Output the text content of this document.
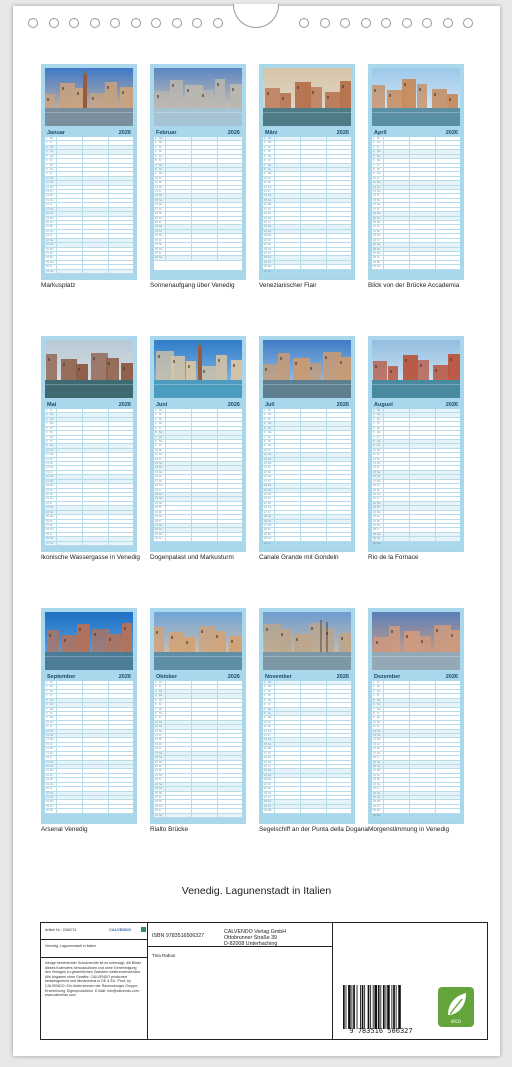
Januar	2026
1 Do
2 Fr
3 Sa
4 So
5 Mo
6 Di
7 Mi
8 Do
9 Fr
10 Sa
11 So
12 Mo
13 Di
14 Mi
15 Do
16 Fr
17 Sa
18 So
19 Mo
20 Di
21 Mi
22 Do
23 Fr
24 Sa
25 So
26 Mo
27 Di
28 Mi
29 Do
30 Fr
31 Sa
Markusplatz
Februar	2026
1 So
2 Mo
3 Di
4 Mi
5 Do
6 Fr
7 Sa
8 So
9 Mo
10 Di
11 Mi
12 Do
13 Fr
14 Sa
15 So
16 Mo
17 Di
18 Mi
19 Do
20 Fr
21 Sa
22 So
23 Mo
24 Di
25 Mi
26 Do
27 Fr
28 Sa
Sonnenaufgang über Venedig
März	2026
1 So
2 Mo
3 Di
4 Mi
5 Do
6 Fr
7 Sa
8 So
9 Mo
10 Di
11 Mi
12 Do
13 Fr
14 Sa
15 So
16 Mo
17 Di
18 Mi
19 Do
20 Fr
21 Sa
22 So
23 Mo
24 Di
25 Mi
26 Do
27 Fr
28 Sa
29 So
30 Mo
31 Di
Venezianischer Flair
April	2026
1 Mi
2 Do
3 Fr
4 Sa
5 So
6 Mo
7 Di
8 Mi
9 Do
10 Fr
11 Sa
12 So
13 Mo
14 Di
15 Mi
16 Do
17 Fr
18 Sa
19 So
20 Mo
21 Di
22 Mi
23 Do
24 Fr
25 Sa
26 So
27 Mo
28 Di
29 Mi
30 Do
Blick von der Brücke Accademia
Mai	2026
1 Fr
2 Sa
3 So
4 Mo
5 Di
6 Mi
7 Do
8 Fr
9 Sa
10 So
11 Mo
12 Di
13 Mi
14 Do
15 Fr
16 Sa
17 So
18 Mo
19 Di
20 Mi
21 Do
22 Fr
23 Sa
24 So
25 Mo
26 Di
27 Mi
28 Do
29 Fr
30 Sa
31 So
Ikonische Wassergasse in Venedig
Juni	2026
1 Mo
2 Di
3 Mi
4 Do
5 Fr
6 Sa
7 So
8 Mo
9 Di
10 Mi
11 Do
12 Fr
13 Sa
14 So
15 Mo
16 Di
17 Mi
18 Do
19 Fr
20 Sa
21 So
22 Mo
23 Di
24 Mi
25 Do
26 Fr
27 Sa
28 So
29 Mo
30 Di
Dogenpalast und Markusturm
Juli	2026
1 Mi
2 Do
3 Fr
4 Sa
5 So
6 Mo
7 Di
8 Mi
9 Do
10 Fr
11 Sa
12 So
13 Mo
14 Di
15 Mi
16 Do
17 Fr
18 Sa
19 So
20 Mo
21 Di
22 Mi
23 Do
24 Fr
25 Sa
26 So
27 Mo
28 Di
29 Mi
30 Do
31 Fr
Canale Grande mit Gondeln
August	2026
1 Sa
2 So
3 Mo
4 Di
5 Mi
6 Do
7 Fr
8 Sa
9 So
10 Mo
11 Di
12 Mi
13 Do
14 Fr
15 Sa
16 So
17 Mo
18 Di
19 Mi
20 Do
21 Fr
22 Sa
23 So
24 Mo
25 Di
26 Mi
27 Do
28 Fr
29 Sa
30 So
31 Mo
Rio de la Fornace
September	2026
1 Di
2 Mi
3 Do
4 Fr
5 Sa
6 So
7 Mo
8 Di
9 Mi
10 Do
11 Fr
12 Sa
13 So
14 Mo
15 Di
16 Mi
17 Do
18 Fr
19 Sa
20 So
21 Mo
22 Di
23 Mi
24 Do
25 Fr
26 Sa
27 So
28 Mo
29 Di
30 Mi
Arsenal Venedig
Oktober	2026
1 Do
2 Fr
3 Sa
4 So
5 Mo
6 Di
7 Mi
8 Do
9 Fr
10 Sa
11 So
12 Mo
13 Di
14 Mi
15 Do
16 Fr
17 Sa
18 So
19 Mo
20 Di
21 Mi
22 Do
23 Fr
24 Sa
25 So
26 Mo
27 Di
28 Mi
29 Do
30 Fr
31 Sa
Rialto Brücke
November	2026
1 So
2 Mo
3 Di
4 Mi
5 Do
6 Fr
7 Sa
8 So
9 Mo
10 Di
11 Mi
12 Do
13 Fr
14 Sa
15 So
16 Mo
17 Di
18 Mi
19 Do
20 Fr
21 Sa
22 So
23 Mo
24 Di
25 Mi
26 Do
27 Fr
28 Sa
29 So
30 Mo
Segelschiff an der Punta della Dogana
Dezember	2026
1 Di
2 Mi
3 Do
4 Fr
5 Sa
6 So
7 Mo
8 Di
9 Mi
10 Do
11 Fr
12 Sa
13 So
14 Mo
15 Di
16 Mi
17 Do
18 Fr
19 Sa
20 So
21 Mo
22 Di
23 Mi
24 Do
25 Fr
26 Sa
27 So
28 Mo
29 Di
30 Mi
31 Do
Morgenstimmung in Venedig
Venedig. Lagunenstadt in Italien
Artikel Nr.: 2066721	CALVENDO
Venedig. Lagunenstadt in Italien
Infolge bestehender Schutzrechte ist es untersagt, die Bilder dieses Kalenders herauszulösen und ohne Genehmigung des Verlages zu gewerblichen Zwecken weiterzuverwenden. Alle Angaben ohne Gewähr. CALVENDO produziert bedarfsgerecht und klimaneutral in DE & EU. Prod. by CALVENDO. Ein Unternehmen der Ravensburger Gruppe. Erscheinung: Eigenproduktion. E-Mail: info@calvendo.com · www.calvendo.com
ISBN 9783516506327
CALVENDO Verlag GmbH
Ottobrunner Straße 39
D-82008 Unterhaching
Tina Rabus
9 783516 506327
eco
